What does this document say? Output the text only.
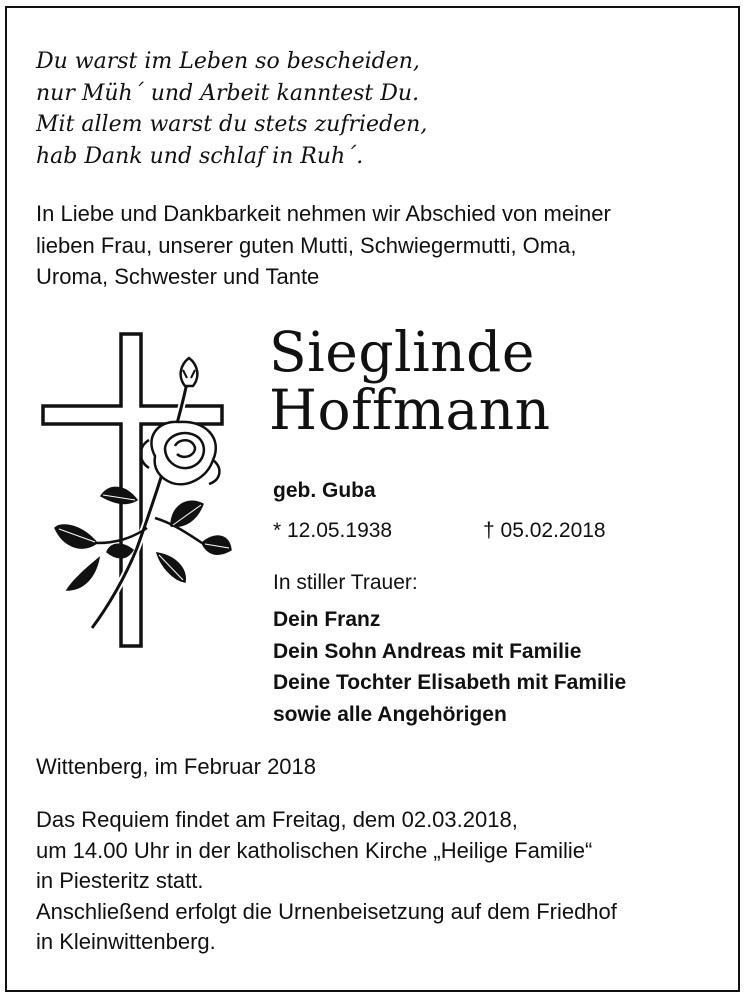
Du warst im Leben so bescheiden,
nur Müh´ und Arbeit kanntest Du.
Mit allem warst du stets zufrieden,
hab Dank und schlaf in Ruh´.
In Liebe und Dankbarkeit nehmen wir Abschied von meiner
lieben Frau, unserer guten Mutti, Schwiegermutti, Oma,
Uroma, Schwester und Tante
Sieglinde
Hoffmann
geb. Guba
* 12.05.1938	† 05.02.2018
In stiller Trauer:
Dein Franz
Dein Sohn Andreas mit Familie
Deine Tochter Elisabeth mit Familie
sowie alle Angehörigen
Wittenberg, im Februar 2018
Das Requiem findet am Freitag, dem 02.03.2018,
um 14.00 Uhr in der katholischen Kirche „Heilige Familie“
in Piesteritz statt.
Anschließend erfolgt die Urnenbeisetzung auf dem Friedhof
in Kleinwittenberg.
